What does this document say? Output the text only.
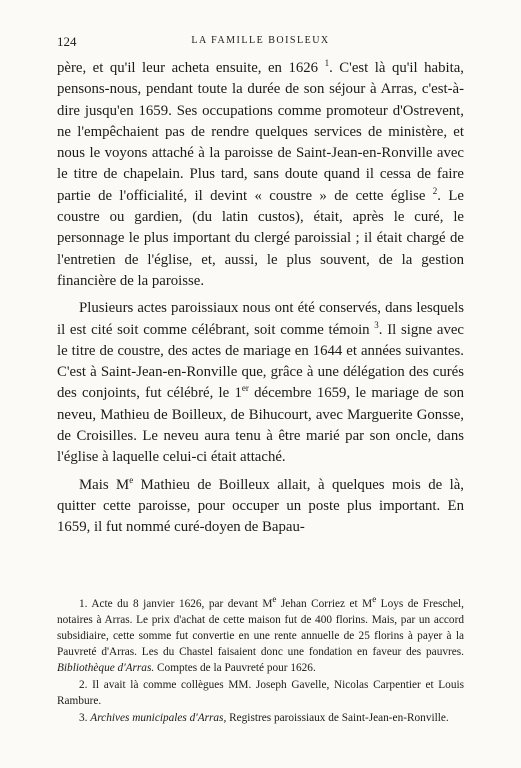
124	LA FAMILLE BOISLEUX

père, et qu'il leur acheta ensuite, en 1626 $^1$. C'est là qu'il habita, pensons-nous, pendant toute la durée de son séjour à Arras, c'est-à-dire jusqu'en 1659. Ses occupations comme promoteur d'Ostrevent, ne l'empêchaient pas de rendre quelques services de ministère, et nous le voyons attaché à la paroisse de Saint-Jean-en-Ronville avec le titre de chapelain. Plus tard, sans doute quand il cessa de faire partie de l'officialité, il devint « coustre » de cette église $^2$. Le coustre ou gardien, (du latin custos), était, après le curé, le personnage le plus important du clergé paroissial ; il était chargé de l'entretien de l'église, et, aussi, le plus souvent, de la gestion financière de la paroisse.

Plusieurs actes paroissiaux nous ont été conservés, dans lesquels il est cité soit comme célébrant, soit comme témoin $^3$. Il signe avec le titre de coustre, des actes de mariage en 1644 et années suivantes. C'est à Saint-Jean-en-Ronville que, grâce à une délégation des curés des conjoints, fut célébré, le 1er décembre 1659, le mariage de son neveu, Mathieu de Boilleux, de Bihucourt, avec Marguerite Gonsse, de Croisilles. Le neveu aura tenu à être marié par son oncle, dans l'église à laquelle celui-ci était attaché.

Mais Me Mathieu de Boilleux allait, à quelques mois de là, quitter cette paroisse, pour occuper un poste plus important. En 1659, il fut nommé curé-doyen de Bapau-

1. Acte du 8 janvier 1626, par devant Me Jehan Corriez et Me Loys de Freschel, notaires à Arras. Le prix d'achat de cette maison fut de 400 florins. Mais, par un accord subsidiaire, cette somme fut convertie en une rente annuelle de 25 florins à payer à la Pauvreté d'Arras. Les du Chastel faisaient donc une fondation en faveur des pauvres. Bibliothèque d'Arras. Comptes de la Pauvreté pour 1626.

2. Il avait là comme collègues MM. Joseph Gavelle, Nicolas Carpentier et Louis Rambure.

3. Archives municipales d'Arras, Registres paroissiaux de Saint-Jean-en-Ronville.
